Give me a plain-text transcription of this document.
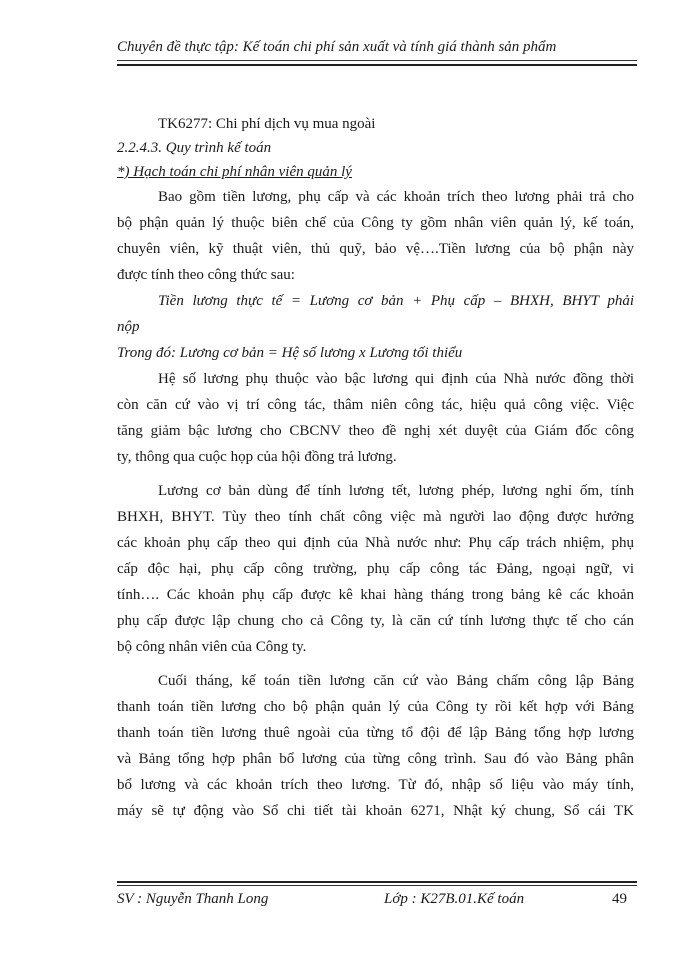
Chuyên đề thực tập: Kế toán chi phí sản xuất và tính giá thành sản phẩm
TK6277: Chi phí dịch vụ mua ngoài
2.2.4.3. Quy trình kế toán
*) Hạch toán chi phí nhân viên quản lý
Bao gồm tiền lương, phụ cấp và các khoản trích theo lương phải trả cho
bộ phận quản lý thuộc biên chế của Công ty gồm nhân viên quản lý, kế toán,
chuyên viên, kỹ thuật viên, thủ quỹ, bảo vệ….Tiền lương của bộ phận này
được tính theo công thức sau:
Tiền lương thực tế = Lương cơ bản + Phụ cấp – BHXH, BHYT phải
nộp
Trong đó: Lương cơ bản = Hệ số lương x Lương tối thiểu
Hệ số lương phụ thuộc vào bậc lương qui định của Nhà nước đồng thời
còn căn cứ vào vị trí công tác, thâm niên công tác, hiệu quả công việc. Việc
tăng giảm bậc lương cho CBCNV theo đề nghị xét duyệt của Giám đốc công
ty, thông qua cuộc họp của hội đồng trả lương.
Lương cơ bản dùng để tính lương tết, lương phép, lương nghỉ ốm, tính
BHXH, BHYT. Tùy theo tính chất công việc mà người lao động được hưởng
các khoản phụ cấp theo qui định của Nhà nước như: Phụ cấp trách nhiệm, phụ
cấp độc hại, phụ cấp công trường, phụ cấp công tác Đảng, ngoại ngữ, vi
tính…. Các khoản phụ cấp được kê khai hàng tháng trong bảng kê các khoản
phụ cấp được lập chung cho cả Công ty, là căn cứ tính lương thực tế cho cán
bộ công nhân viên của Công ty.
Cuối tháng, kế toán tiền lương căn cứ vào Bảng chấm công lập Bảng
thanh toán tiền lương cho bộ phận quản lý của Công ty rồi kết hợp với Bảng
thanh toán tiền lương thuê ngoài của từng tổ đội để lập Bảng tổng hợp lương
và Bảng tổng hợp phân bổ lương của từng công trình. Sau đó vào Bảng phân
bổ lương và các khoản trích theo lương. Từ đó, nhập số liệu vào máy tính,
máy sẽ tự động vào Sổ chi tiết tài khoản 6271, Nhật ký chung, Sổ cái TK
SV : Nguyễn Thanh Long	Lớp : K27B.01.Kế toán	49
